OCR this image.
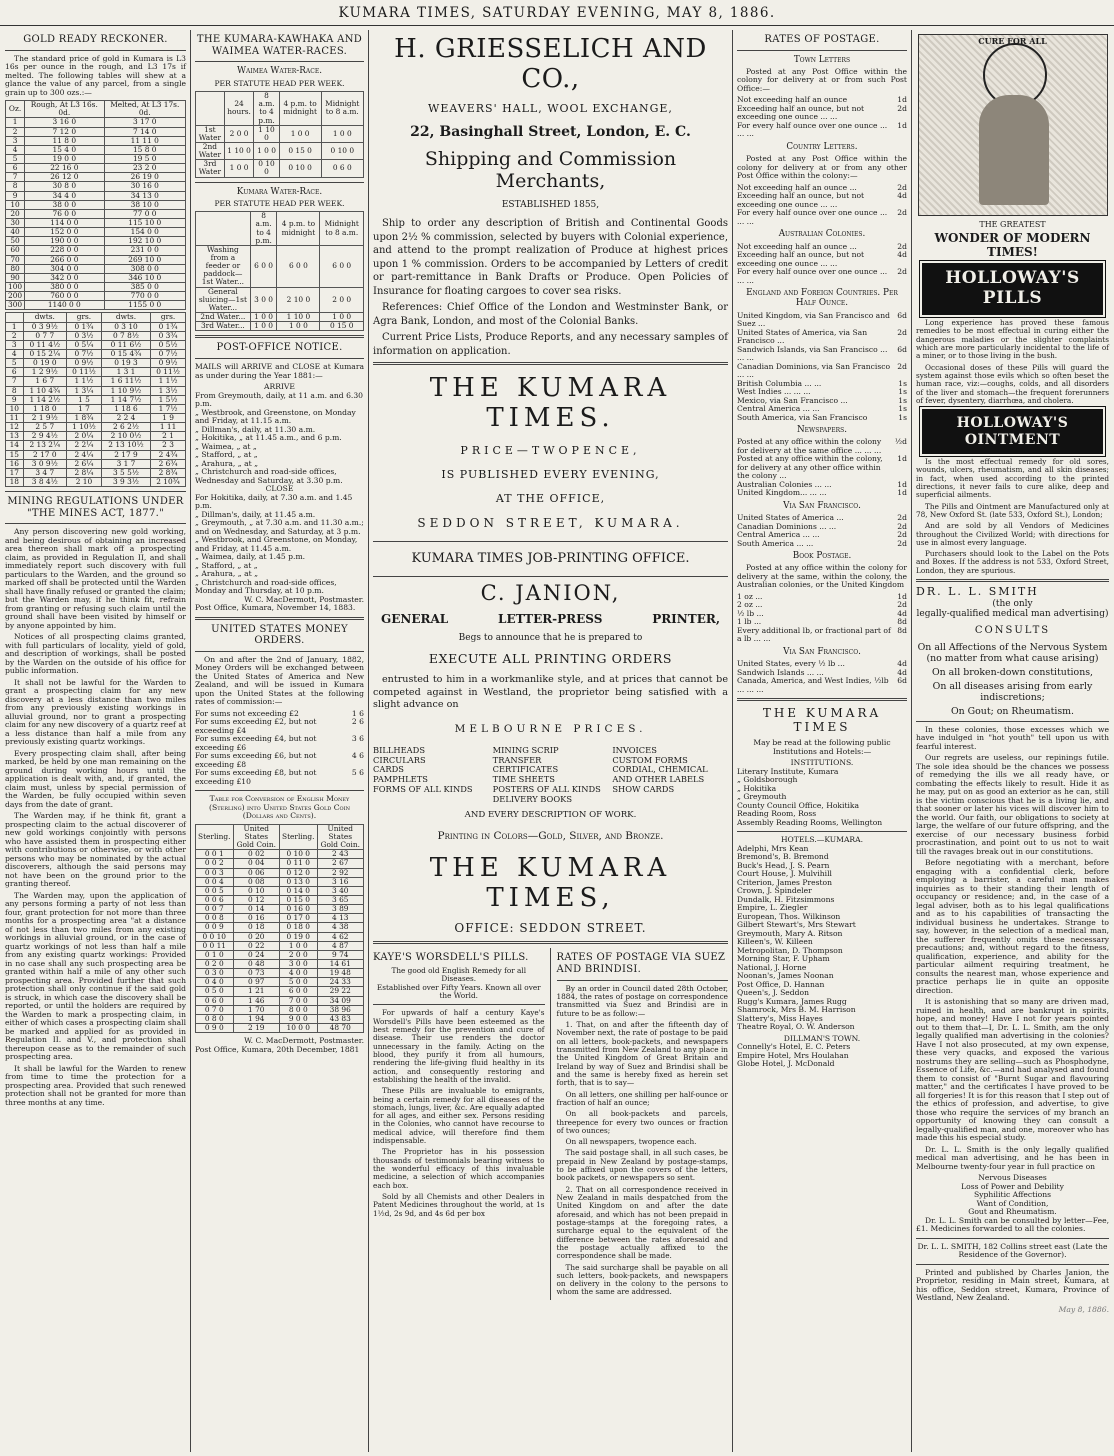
KUMARA TIMES, SATURDAY EVENING, MAY 8, 1886.
GOLD READY RECKONER.

The standard price of gold in Kumara is L3 16s per ounce in the rough, and L3 17s if melted. The following tables will shew at a glance the value of any parcel, from a single grain up to 300 ozs.:—

Oz.	Rough, At L3 16s. 0d.	Melted, At L3 17s. 0d.
1	3 16 0	3 17 0
2	7 12 0	7 14 0
3	11 8 0	11 11 0
4	15 4 0	15 8 0
5	19 0 0	19 5 0
6	22 16 0	23 2 0
7	26 12 0	26 19 0
8	30 8 0	30 16 0
9	34 4 0	34 13 0
10	38 0 0	38 10 0
20	76 0 0	77 0 0
30	114 0 0	115 10 0
40	152 0 0	154 0 0
50	190 0 0	192 10 0
60	228 0 0	231 0 0
70	266 0 0	269 10 0
80	304 0 0	308 0 0
90	342 0 0	346 10 0
100	380 0 0	385 0 0
200	760 0 0	770 0 0
300	1140 0 0	1155 0 0
	dwts.	grs.	dwts.	grs.
1	0 3 9½	0 1¾	0 3 10	0 1¾
2	0 7 7	0 3½	0 7 8½	0 3¾
3	0 11 4½	0 5¼	0 11 6½	0 5½
4	0 15 2¼	0 7½	0 15 4¾	0 7½
5	0 19 0	0 9½	0 19 3	0 9½
6	1 2 9½	0 11½	1 3 1	0 11½
7	1 6 7	1 1½	1 6 11½	1 1½
8	1 10 4¾	1 3¼	1 10 9½	1 3½
9	1 14 2½	1 5	1 14 7½	1 5½
10	1 18 0	1 7	1 18 6	1 7½
11	2 1 9½	1 8¾	2 2 4	1 9
12	2 5 7	1 10½	2 6 2½	1 11
13	2 9 4½	2 0¼	2 10 0½	2 1
14	2 13 2¼	2 2¼	2 13 10½	2 3
15	2 17 0	2 4¼	2 17 9	2 4¾
16	3 0 9½	2 6¼	3 1 7	2 6¾
17	3 4 7	2 8¼	3 5 5½	2 8¾
18	3 8 4½	2 10	3 9 3½	2 10¾
MINING REGULATIONS UNDER "THE MINES ACT, 1877."

Any person discovering new gold working, and being desirous of obtaining an increased area thereon shall mark off a prospecting claim, as provided in Regulation II, and shall immediately report such discovery with full particulars to the Warden, and the ground so marked off shall be protected until the Warden shall have finally refused or granted the claim; but the Warden may, if he think fit, refrain from granting or refusing such claim until the ground shall have been visited by himself or by anyone appointed by him.

Notices of all prospecting claims granted, with full particulars of locality, yield of gold, and description of workings, shall be posted by the Warden on the outside of his office for public information.

It shall not be lawful for the Warden to grant a prospecting claim for any new discovery at a less distance than two miles from any previously existing workings in alluvial ground, nor to grant a prospecting claim for any new discovery of a quartz reef at a less distance than half a mile from any previously existing quartz workings.

Every prospecting claim shall, after being marked, be held by one man remaining on the ground during working hours until the application is dealt with, and, if granted, the claim must, unless by special permission of the Warden, be fully occupied within seven days from the date of grant.

The Warden may, if he think fit, grant a prospecting claim to the actual discoverer of new gold workings conjointly with persons who have assisted them in prospecting either with contributions or otherwise, or with other persons who may be nominated by the actual discoverers, although the said persons may not have been on the ground prior to the granting thereof.

The Warden may, upon the application of any persons forming a party of not less than four, grant protection for not more than three months for a prospecting area "at a distance of not less than two miles from any existing workings in alluvial ground, or in the case of quartz workings of not less than half a mile from any existing quartz workings: Provided in no case shall any such prospecting area be granted within half a mile of any other such prospecting area. Provided further that such protection shall only continue if the said gold is struck, in which case the discovery shall be reported, or until the holders are required by the Warden to mark a prospecting claim, in either of which cases a prospecting claim shall be marked and applied for as provided in Regulation II. and V., and protection shall thereupon cease as to the remainder of such prospecting area.

It shall be lawful for the Warden to renew from time to time the protection for a prospecting area. Provided that such renewed protection shall not be granted for more than three months at any time.

THE KUMARA-KAWHAKA AND WAIMEA WATER-RACES.
Waimea Water-Race.
PER STATUTE HEAD PER WEEK.
	24 hours.	8 a.m. to 4 p.m.	4 p.m. to midnight	Midnight to 8 a.m.
1st Water	2 0 0	1 10 0	1 0 0	1 0 0
2nd Water	1 10 0	1 0 0	0 15 0	0 10 0
3rd Water	1 0 0	0 10 0	0 10 0	0 6 0
Kumara Water-Race.
PER STATUTE HEAD PER WEEK.
	8 a.m. to 4 p.m.	4 p.m. to midnight	Midnight to 8 a.m.
Washing from a feeder or paddock—1st Water...	6 0 0	6 0 0	6 0 0
General sluicing—1st Water...	3 0 0	2 10 0	2 0 0
2nd Water...	1 0 0	1 10 0	1 0 0
3rd Water...	1 0 0	1 0 0	0 15 0
POST-OFFICE NOTICE.

MAILS will ARRIVE and CLOSE at Kumara as under during the Year 1881:—

ARRIVE
From Greymouth, daily, at 11 a.m. and 6.30 p.m.
„ Westbrook, and Greenstone, on Monday and Friday, at 11.15 a.m.
„ Dillman's, daily, at 11.30 a.m.
„ Hokitika, „ at 11.45 a.m., and 6 p.m.
„ Waimea, „ at „
„ Stafford, „ at „
„ Arahura, „ at „
„ Christchurch and road-side offices, Wednesday and Saturday, at 3.30 p.m.
CLOSE
For Hokitika, daily, at 7.30 a.m. and 1.45 p.m.
„ Dillman's, daily, at 11.45 a.m.
„ Greymouth, „ at 7.30 a.m. and 11.30 a.m.; and on Wednesday, and Saturday, at 3 p.m.
„ Westbrook, and Greenstone, on Monday, and Friday, at 11.45 a.m.
„ Waimea, daily, at 1.45 p.m.
„ Stafford, „ at „
„ Arahura, „ at „
„ Christchurch and road-side offices, Monday and Thursday, at 10 p.m.
W. C. MacDermott, Postmaster.
Post Office, Kumara, November 14, 1883.
UNITED STATES MONEY ORDERS.

On and after the 2nd of January, 1882, Money Orders will be exchanged between the United States of America and New Zealand, and will be issued in Kumara upon the United States at the following rates of commission:—

For sums not exceeding £2	1 6
For sums exceeding £2, but not exceeding £4
2 6
For sums exceeding £4, but not exceeding £6
3 6
For sums exceeding £6, but not exceeding £8
4 6
For sums exceeding £8, but not exceeding £10
5 6
Table for Conversion of English Money (Sterling) into United States Gold Coin (Dollars and Cents).
Sterling.	United States Gold Coin.	Sterling.	United States Gold Coin.
0 0 1	0 02	0 10 0	2 43
0 0 2	0 04	0 11 0	2 67
0 0 3	0 06	0 12 0	2 92
0 0 4	0 08	0 13 0	3 16
0 0 5	0 10	0 14 0	3 40
0 0 6	0 12	0 15 0	3 65
0 0 7	0 14	0 16 0	3 89
0 0 8	0 16	0 17 0	4 13
0 0 9	0 18	0 18 0	4 38
0 0 10	0 20	0 19 0	4 62
0 0 11	0 22	1 0 0	4 87
0 1 0	0 24	2 0 0	9 74
0 2 0	0 48	3 0 0	14 61
0 3 0	0 73	4 0 0	19 48
0 4 0	0 97	5 0 0	24 33
0 5 0	1 21	6 0 0	29 22
0 6 0	1 46	7 0 0	34 09
0 7 0	1 70	8 0 0	38 96
0 8 0	1 94	9 0 0	43 83
0 9 0	2 19	10 0 0	48 70
W. C. MacDermott, Postmaster.
Post Office, Kumara, 20th December, 1881
H. GRIESSELICH AND CO.,
WEAVERS' HALL, WOOL EXCHANGE,
22, Basinghall Street, London, E. C.
Shipping and Commission Merchants,
ESTABLISHED 1855,

Ship to order any description of British and Continental Goods upon 2½ % commission, selected by buyers with Colonial experience, and attend to the prompt realization of Produce at highest prices upon 1 % commission. Orders to be accompanied by Letters of credit or part-remittance in Bank Drafts or Produce. Open Policies of Insurance for floating cargoes to cover sea risks.

References: Chief Office of the London and Westminster Bank, or Agra Bank, London, and most of the Colonial Banks.

Current Price Lists, Produce Reports, and any necessary samples of information on application.

THE KUMARA TIMES.
PRICE—TWOPENCE,
IS PUBLISHED EVERY EVENING,
AT THE OFFICE,
SEDDON STREET, KUMARA.
KUMARA TIMES JOB-PRINTING OFFICE.
C. JANION,
GENERAL	LETTER-PRESS	PRINTER,
Begs to announce that he is prepared to
EXECUTE ALL PRINTING ORDERS

entrusted to him in a workmanlike style, and at prices that cannot be competed against in Westland, the proprietor being satisfied with a slight advance on

MELBOURNE PRICES.
BILLHEADS
CIRCULARS
CARDS
PAMPHLETS
FORMS OF ALL KINDS
MINING SCRIP
TRANSFER CERTIFICATES
TIME SHEETS
POSTERS OF ALL KINDS
DELIVERY BOOKS
INVOICES
CUSTOM FORMS
CORDIAL, CHEMICAL AND OTHER LABELS
SHOW CARDS
AND EVERY DESCRIPTION OF WORK.
Printing in Colors—Gold, Silver, and Bronze.
THE KUMARA TIMES,
OFFICE: SEDDON STREET.
KAYE'S WORSDELL'S PILLS.
The good old English Remedy for all Diseases.
Established over Fifty Years. Known all over the World.

For upwards of half a century Kaye's Worsdell's Pills have been esteemed as the best remedy for the prevention and cure of disease. Their use renders the doctor unnecessary in the family. Acting on the blood, they purify it from all humours, rendering the life-giving fluid healthy in its action, and consequently restoring and establishing the health of the invalid.

These Pills are invaluable to emigrants, being a certain remedy for all diseases of the stomach, lungs, liver, &c. Are equally adapted for all ages, and either sex. Persons residing in the Colonies, who cannot have recourse to medical advice, will therefore find them indispensable.

The Proprietor has in his possession thousands of testimonials bearing witness to the wonderful efficacy of this invaluable medicine, a selection of which accompanies each box.

Sold by all Chemists and other Dealers in Patent Medicines throughout the world, at 1s 1½d, 2s 9d, and 4s 6d per box

RATES OF POSTAGE VIA SUEZ AND BRINDISI.

By an order in Council dated 28th October, 1884, the rates of postage on correspondence transmitted via Suez and Brindisi are in future to be as follow:—

1. That, on and after the fifteenth day of November next, the rate of postage to be paid on all letters, book-packets, and newspapers transmitted from New Zealand to any place in the United Kingdom of Great Britain and Ireland by way of Suez and Brindisi shall be and the same is hereby fixed as herein set forth, that is to say—

On all letters, one shilling per half-ounce or fraction of half an ounce;

On all book-packets and parcels, threepence for every two ounces or fraction of two ounces;

On all newspapers, twopence each.

The said postage shall, in all such cases, be prepaid in New Zealand by postage-stamps, to be affixed upon the covers of the letters, book packets, or newspapers so sent.

2. That on all correspondence received in New Zealand in mails despatched from the United Kingdom on and after the date aforesaid, and which has not been prepaid in postage-stamps at the foregoing rates, a surcharge equal to the equivalent of the difference between the rates aforesaid and the postage actually affixed to the correspondence shall be made.

The said surcharge shall be payable on all such letters, book-packets, and newspapers on delivery in the colony to the persons to whom the same are addressed.

RATES OF POSTAGE.
Town Letters

Posted at any Post Office within the colony for delivery at or from such Post Office:—

Not exceeding half an ounce	1d
Exceeding half an ounce, but not exceeding one ounce ... ...
2d
For every half ounce over one ounce ... ... ...
1d
Country Letters.

Posted at any Post Office within the colony for delivery at or from any other Post Office within the colony:—

Not exceeding half an ounce ...	2d
Exceeding half an ounce, but not exceeding one ounce ... ...
4d
For every half ounce over one ounce ... ... ...
2d
Australian Colonies.
Not exceeding half an ounce ...	2d
Exceeding half an ounce, but not exceeding one ounce ... ...
4d
For every half ounce over one ounce ... ... ...
2d
England and Foreign Countries. Per Half Ounce.
United Kingdom, via San Francisco and Suez ...
6d
United States of America, via San Francisco ...
2d
Sandwich Islands, via San Francisco ... ... ...
6d
Canadian Dominions, via San Francisco ... ...
2d
British Columbia ... ...	1s
West Indies ... ... ...	1s
Mexico, via San Francisco ...	1s
Central America ... ...	1s
South America, via San Francisco	1s
Newspapers.
Posted at any office within the colony for delivery at the same office ... ... ...
½d
Posted at any office within the colony, for delivery at any other office within the colony ...
1d
Australian Colonies ... ...	1d
United Kingdom... ... ...	1d
Via San Francisco.
United States of America ...	2d
Canadian Dominions ... ...	2d
Central America ... ...	2d
South America ... ...	2d
Book Postage.

Posted at any office within the colony for delivery at the same, within the colony, the Australian colonies, or the United Kingdom

1 oz ...	1d
2 oz ...	2d
½ lb ...	4d
1 lb ...	8d
Every additional lb, or fractional part of a lb ... ...
8d
Via San Francisco.
United States, every ½ lb ...	4d
Sandwich Islands ... ...	4d
Canada, America, and West Indies, ½lb ... ... ...
6d
THE KUMARA TIMES

May be read at the following public Institutions and Hotels:—

INSTITUTIONS.
Literary Institute, Kumara
„ Goldsborough
„ Hokitika
„ Greymouth
County Council Office, Hokitika
Reading Room, Ross
Assembly Reading Rooms, Wellington
HOTELS.—KUMARA.
Adelphi, Mrs Kean
Bremond's, B. Bremond
Buck's Head, J. S. Pearn
Court House, J. Mulvihill
Criterion, James Preston
Crown, J. Spindeler
Dundalk, H. Fitzsimmons
Empire, L. Ziegler
European, Thos. Wilkinson
Gilbert Stewart's, Mrs Stewart
Greymouth, Mary A. Ritson
Killeen's, W. Killeen
Metropolitan, D. Thompson
Morning Star, F. Upham
National, J. Horne
Noonan's, James Noonan
Post Office, D. Hannan
Queen's, J. Seddon
Rugg's Kumara, James Rugg
Shamrock, Mrs B. M. Harrison
Slattery's, Miss Hayes
Theatre Royal, O. W. Anderson
DILLMAN'S TOWN.
Connelly's Hotel, E. C. Peters
Empire Hotel, Mrs Houlahan
Globe Hotel, J. McDonald
CURE FOR ALL
THE GREATEST
WONDER OF MODERN TIMES!
HOLLOWAY'S PILLS

Long experience has proved these famous remedies to be most effectual in curing either the dangerous maladies or the slighter complaints which are more particularly incidental to the life of a miner, or to those living in the bush.

Occasional doses of these Pills will guard the system against those evils which so often beset the human race, viz:—coughs, colds, and all disorders of the liver and stomach—the frequent forerunners of fever, dysentery, diarrhœa, and cholera.

HOLLOWAY'S OINTMENT

Is the most effectual remedy for old sores, wounds, ulcers, rheumatism, and all skin diseases; in fact, when used according to the printed directions, it never fails to cure alike, deep and superficial ailments.

The Pills and Ointment are Manufactured only at 78, New Oxford St. (late 533, Oxford St.), London;

And are sold by all Vendors of Medicines throughout the Civilized World; with directions for use in almost every language.

Purchasers should look to the Label on the Pots and Boxes. If the address is not 533, Oxford Street, London, they are spurious.

DR. L. L. SMITH
(the only
legally-qualified medical man advertising)
CONSULTS
On all Affections of the Nervous System (no matter from what cause arising)
On all broken-down constitutions,
On all diseases arising from early indiscretions;
On Gout; on Rheumatism.

In these colonies, those excesses which we have indulged in "hot youth" tell upon us with fearful interest.

Our regrets are useless, our repinings futile. The sole idea should be the chances we possess of remedying the ills we all ready have, or combating the effects likely to result. Hide it as he may, put on as good an exterior as he can, still is the victim conscious that he is a living lie, and that sooner or later his vices will discover him to the world. Our faith, our obligations to society at large, the welfare of our future offspring, and the exercise of our necessary business forbid procrastination, and point out to us not to wait till the ravages break out in our constitutions.

Before negotiating with a merchant, before engaging with a confidential clerk, before employing a barrister, a careful man makes inquiries as to their standing their length of occupancy or residence; and, in the case of a legal adviser, both as to his legal qualifications and as to his capabilities of transacting the individual business he undertakes. Strange to say, however, in the selection of a medical man, the sufferer frequently omits these necessary precautions; and, without regard to the fitness, qualification, experience, and ability for the particular ailment requiring treatment, he consults the nearest man, whose experience and practice perhaps lie in quite an opposite direction.

It is astonishing that so many are driven mad, ruined in health, and are bankrupt in spirits, hope, and money! Have I not for years pointed out to them that—I, Dr. L. L. Smith, am the only legally qualified man advertising in the colonies? Have I not also prosecuted, at my own expense, these very quacks, and exposed the various nostrums they are selling—such as Phosphodyne, Essence of Life, &c.—and had analysed and found them to consist of "Burnt Sugar and flavouring matter," and the certificates I have proved to be all forgeries! It is for this reason that I step out of the ethics of profession, and advertise, to give those who require the services of my branch an opportunity of knowing they can consult a legally-qualified man, and one, moreover who has made this his especial study.

Dr. L. L. Smith is the only legally qualified medical man advertising, and he has been in Melbourne twenty-four year in full practice on

Nervous Diseases
Loss of Power and Debility
Syphilitic Affections
Want of Condition,
Gout and Rheumatism.

Dr. L. L. Smith can be consulted by letter—Fee, £1. Medicines forwarded to all the colonies.

Dr. L. L. SMITH, 182 Collins street east (Late the Residence of the Governor).

Printed and published by Charles Janion, the Proprietor, residing in Main street, Kumara, at his office, Seddon street, Kumara, Province of Westland, New Zealand.

May 8, 1886.
